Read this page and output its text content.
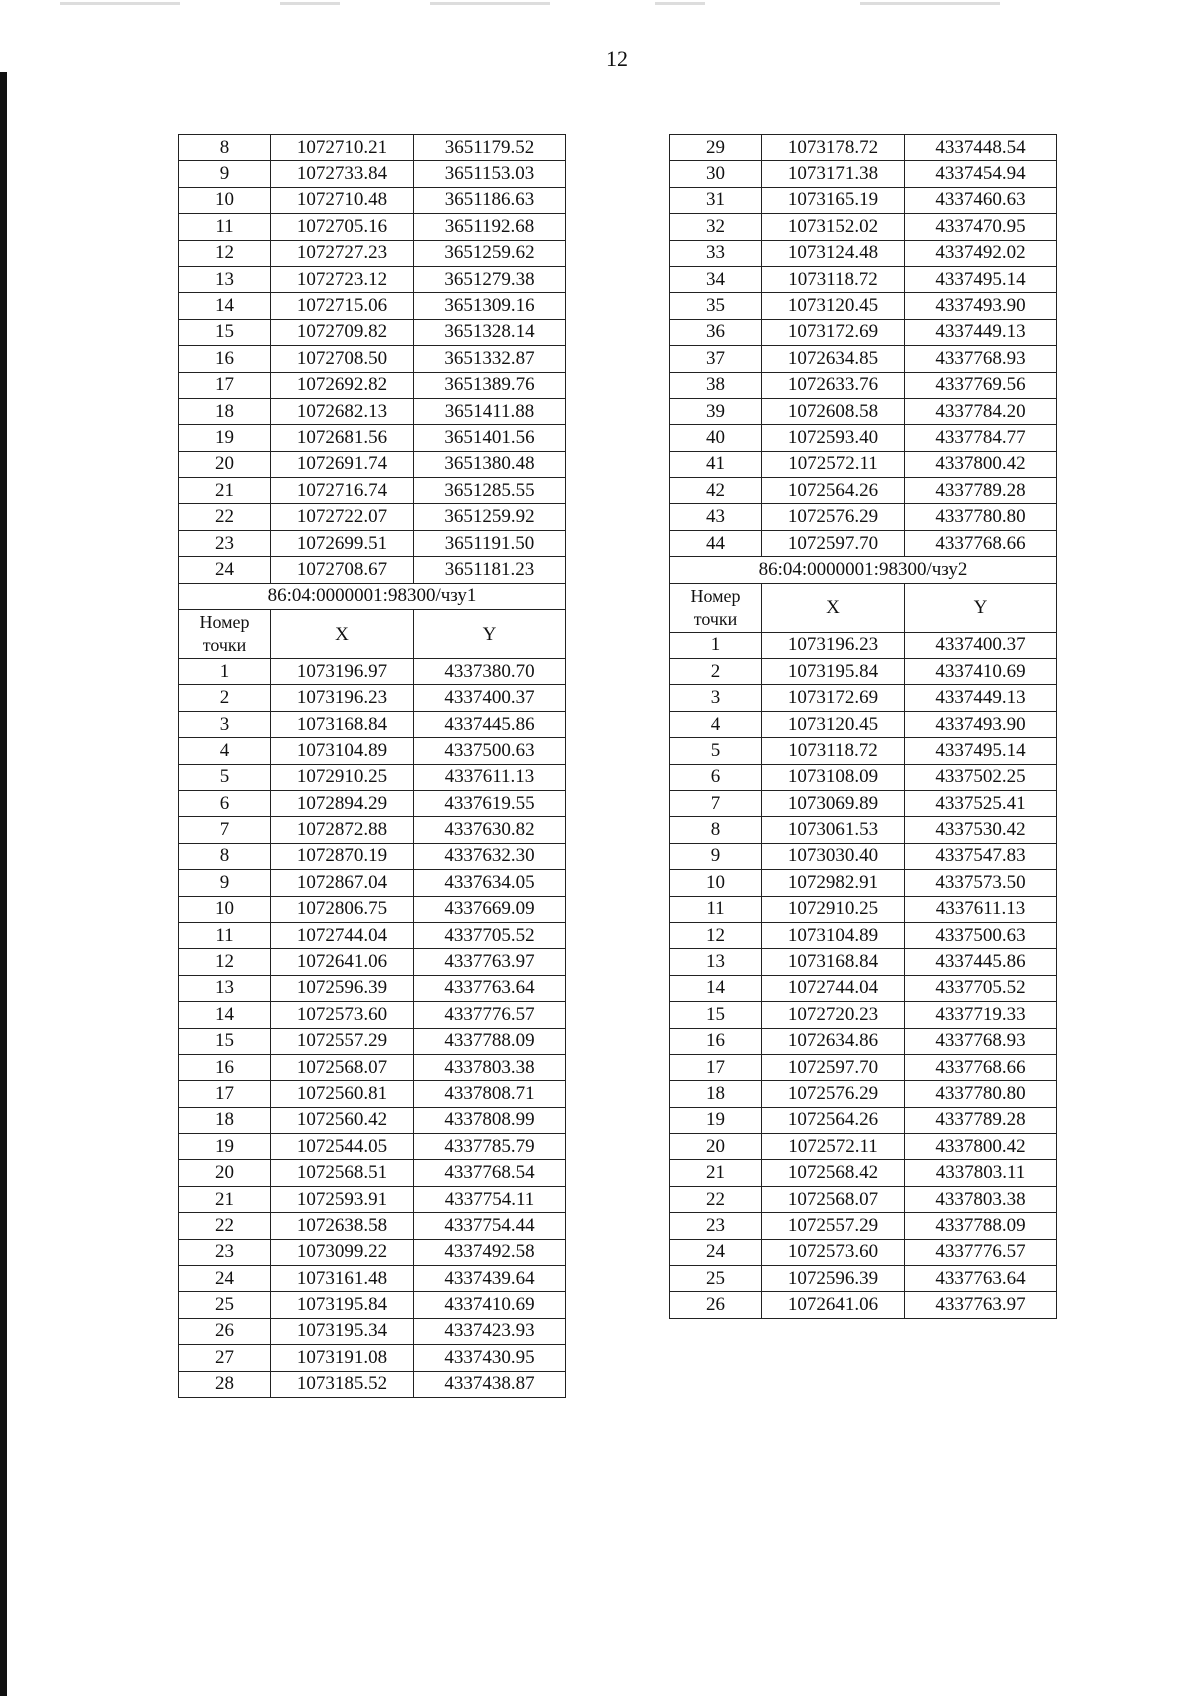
12
8	1072710.21	3651179.52
9	1072733.84	3651153.03
10	1072710.48	3651186.63
11	1072705.16	3651192.68
12	1072727.23	3651259.62
13	1072723.12	3651279.38
14	1072715.06	3651309.16
15	1072709.82	3651328.14
16	1072708.50	3651332.87
17	1072692.82	3651389.76
18	1072682.13	3651411.88
19	1072681.56	3651401.56
20	1072691.74	3651380.48
21	1072716.74	3651285.55
22	1072722.07	3651259.92
23	1072699.51	3651191.50
24	1072708.67	3651181.23
86:04:0000001:98300/чзу1		
Номер точки	X	Y
1	1073196.97	4337380.70
2	1073196.23	4337400.37
3	1073168.84	4337445.86
4	1073104.89	4337500.63
5	1072910.25	4337611.13
6	1072894.29	4337619.55
7	1072872.88	4337630.82
8	1072870.19	4337632.30
9	1072867.04	4337634.05
10	1072806.75	4337669.09
11	1072744.04	4337705.52
12	1072641.06	4337763.97
13	1072596.39	4337763.64
14	1072573.60	4337776.57
15	1072557.29	4337788.09
16	1072568.07	4337803.38
17	1072560.81	4337808.71
18	1072560.42	4337808.99
19	1072544.05	4337785.79
20	1072568.51	4337768.54
21	1072593.91	4337754.11
22	1072638.58	4337754.44
23	1073099.22	4337492.58
24	1073161.48	4337439.64
25	1073195.84	4337410.69
26	1073195.34	4337423.93
27	1073191.08	4337430.95
28	1073185.52	4337438.87
29	1073178.72	4337448.54
30	1073171.38	4337454.94
31	1073165.19	4337460.63
32	1073152.02	4337470.95
33	1073124.48	4337492.02
34	1073118.72	4337495.14
35	1073120.45	4337493.90
36	1073172.69	4337449.13
37	1072634.85	4337768.93
38	1072633.76	4337769.56
39	1072608.58	4337784.20
40	1072593.40	4337784.77
41	1072572.11	4337800.42
42	1072564.26	4337789.28
43	1072576.29	4337780.80
44	1072597.70	4337768.66
86:04:0000001:98300/чзу2		
Номер точки	X	Y
1	1073196.23	4337400.37
2	1073195.84	4337410.69
3	1073172.69	4337449.13
4	1073120.45	4337493.90
5	1073118.72	4337495.14
6	1073108.09	4337502.25
7	1073069.89	4337525.41
8	1073061.53	4337530.42
9	1073030.40	4337547.83
10	1072982.91	4337573.50
11	1072910.25	4337611.13
12	1073104.89	4337500.63
13	1073168.84	4337445.86
14	1072744.04	4337705.52
15	1072720.23	4337719.33
16	1072634.86	4337768.93
17	1072597.70	4337768.66
18	1072576.29	4337780.80
19	1072564.26	4337789.28
20	1072572.11	4337800.42
21	1072568.42	4337803.11
22	1072568.07	4337803.38
23	1072557.29	4337788.09
24	1072573.60	4337776.57
25	1072596.39	4337763.64
26	1072641.06	4337763.97
